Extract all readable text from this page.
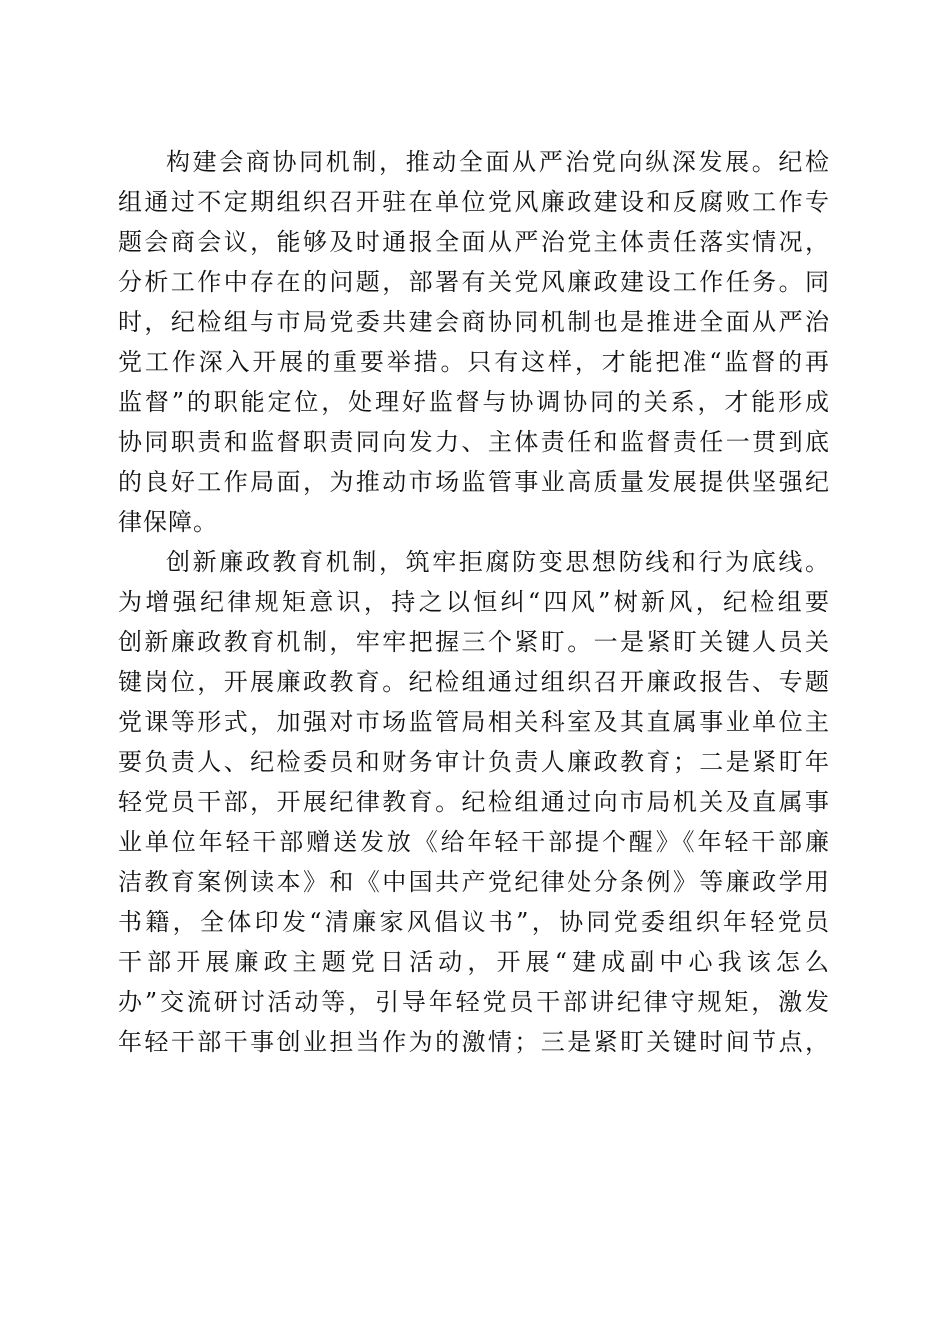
构建会商协同机制，推动全面从严治党向纵深发展。纪检
组通过不定期组织召开驻在单位党风廉政建设和反腐败工作专
题会商会议，能够及时通报全面从严治党主体责任落实情况，
分析工作中存在的问题，部署有关党风廉政建设工作任务。同
时，纪检组与市局党委共建会商协同机制也是推进全面从严治
党工作深入开展的重要举措。只有这样，才能把准“监督的再
监督”的职能定位，处理好监督与协调协同的关系，才能形成
协同职责和监督职责同向发力、主体责任和监督责任一贯到底
的良好工作局面，为推动市场监管事业高质量发展提供坚强纪
律保障。
创新廉政教育机制，筑牢拒腐防变思想防线和行为底线。
为增强纪律规矩意识，持之以恒纠“四风”树新风，纪检组要
创新廉政教育机制，牢牢把握三个紧盯。一是紧盯关键人员关
键岗位，开展廉政教育。纪检组通过组织召开廉政报告、专题
党课等形式，加强对市场监管局相关科室及其直属事业单位主
要负责人、纪检委员和财务审计负责人廉政教育；二是紧盯年
轻党员干部，开展纪律教育。纪检组通过向市局机关及直属事
业单位年轻干部赠送发放《给年轻干部提个醒》《年轻干部廉
洁教育案例读本》和《中国共产党纪律处分条例》等廉政学用
书籍，全体印发“清廉家风倡议书”，协同党委组织年轻党员
干部开展廉政主题党日活动，开展“建成副中心我该怎么
办”交流研讨活动等，引导年轻党员干部讲纪律守规矩，激发
年轻干部干事创业担当作为的激情；三是紧盯关键时间节点，
